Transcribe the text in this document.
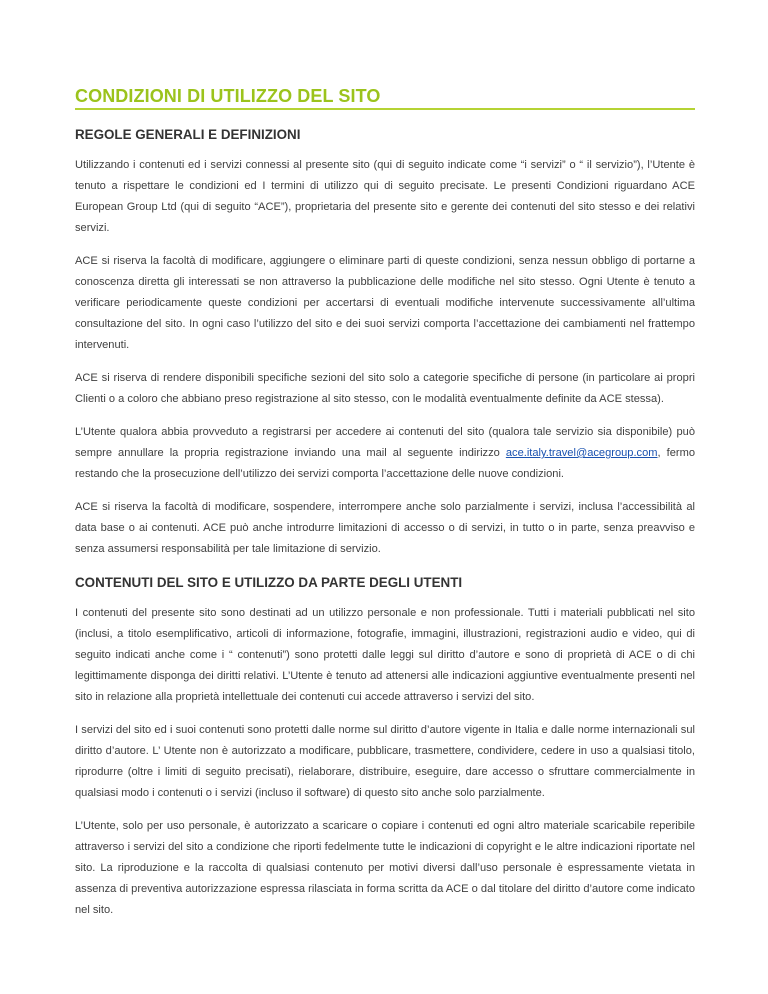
CONDIZIONI DI UTILIZZO DEL SITO
REGOLE GENERALI E DEFINIZIONI

Utilizzando i contenuti ed i servizi connessi al presente sito (qui di seguito indicate come “i servizi” o “ il servizio”), l’Utente è tenuto a rispettare le condizioni ed I termini di utilizzo qui di seguito precisate. Le presenti Condizioni riguardano ACE European Group Ltd (qui di seguito “ACE”), proprietaria del presente sito e gerente dei contenuti del sito stesso e dei relativi servizi.

ACE si riserva la facoltà di modificare, aggiungere o eliminare parti di queste condizioni, senza nessun obbligo di portarne a conoscenza diretta gli interessati se non attraverso la pubblicazione delle modifiche nel sito stesso. Ogni Utente è tenuto a verificare periodicamente queste condizioni per accertarsi di eventuali modifiche intervenute successivamente all’ultima consultazione del sito. In ogni caso l’utilizzo del sito e dei suoi servizi comporta l’accettazione dei cambiamenti nel frattempo intervenuti.

ACE si riserva di rendere disponibili specifiche sezioni del sito solo a categorie specifiche di persone (in particolare ai propri Clienti o a coloro che abbiano preso registrazione al sito stesso, con le modalità eventualmente definite da ACE stessa).

L’Utente qualora abbia provveduto a registrarsi per accedere ai contenuti del sito (qualora tale servizio sia disponibile) può sempre annullare la propria registrazione inviando una mail al seguente indirizzo ace.italy.travel@acegroup.com, fermo restando che la prosecuzione dell’utilizzo dei servizi comporta l’accettazione delle nuove condizioni.

ACE si riserva la facoltà di modificare, sospendere, interrompere anche solo parzialmente i servizi, inclusa l’accessibilità al data base o ai contenuti. ACE può anche introdurre limitazioni di accesso o di servizi, in tutto o in parte, senza preavviso e senza assumersi responsabilità per tale limitazione di servizio.

CONTENUTI DEL SITO E UTILIZZO DA PARTE DEGLI UTENTI

I contenuti del presente sito sono destinati ad un utilizzo personale e non professionale. Tutti i materiali pubblicati nel sito (inclusi, a titolo esemplificativo, articoli di informazione, fotografie, immagini, illustrazioni, registrazioni audio e video, qui di seguito indicati anche come i “ contenuti”) sono protetti dalle leggi sul diritto d’autore e sono di proprietà di ACE o di chi legittimamente disponga dei diritti relativi. L’Utente è tenuto ad attenersi alle indicazioni aggiuntive eventualmente presenti nel sito in relazione alla proprietà intellettuale dei contenuti cui accede attraverso i servizi del sito.

I servizi del sito ed i suoi contenuti sono protetti dalle norme sul diritto d’autore vigente in Italia e dalle norme internazionali sul diritto d’autore. L’ Utente non è autorizzato a modificare, pubblicare, trasmettere, condividere, cedere in uso a qualsiasi titolo, riprodurre (oltre i limiti di seguito precisati), rielaborare, distribuire, eseguire, dare accesso o sfruttare commercialmente in qualsiasi modo i contenuti o i servizi (incluso il software) di questo sito anche solo parzialmente.

L’Utente, solo per uso personale, è autorizzato a scaricare o copiare i contenuti ed ogni altro materiale scaricabile reperibile attraverso i servizi del sito a condizione che riporti fedelmente tutte le indicazioni di copyright e le altre indicazioni riportate nel sito. La riproduzione e la raccolta di qualsiasi contenuto per motivi diversi dall’uso personale è espressamente vietata in assenza di preventiva autorizzazione espressa rilasciata in forma scritta da ACE o dal titolare del diritto d’autore come indicato nel sito.
